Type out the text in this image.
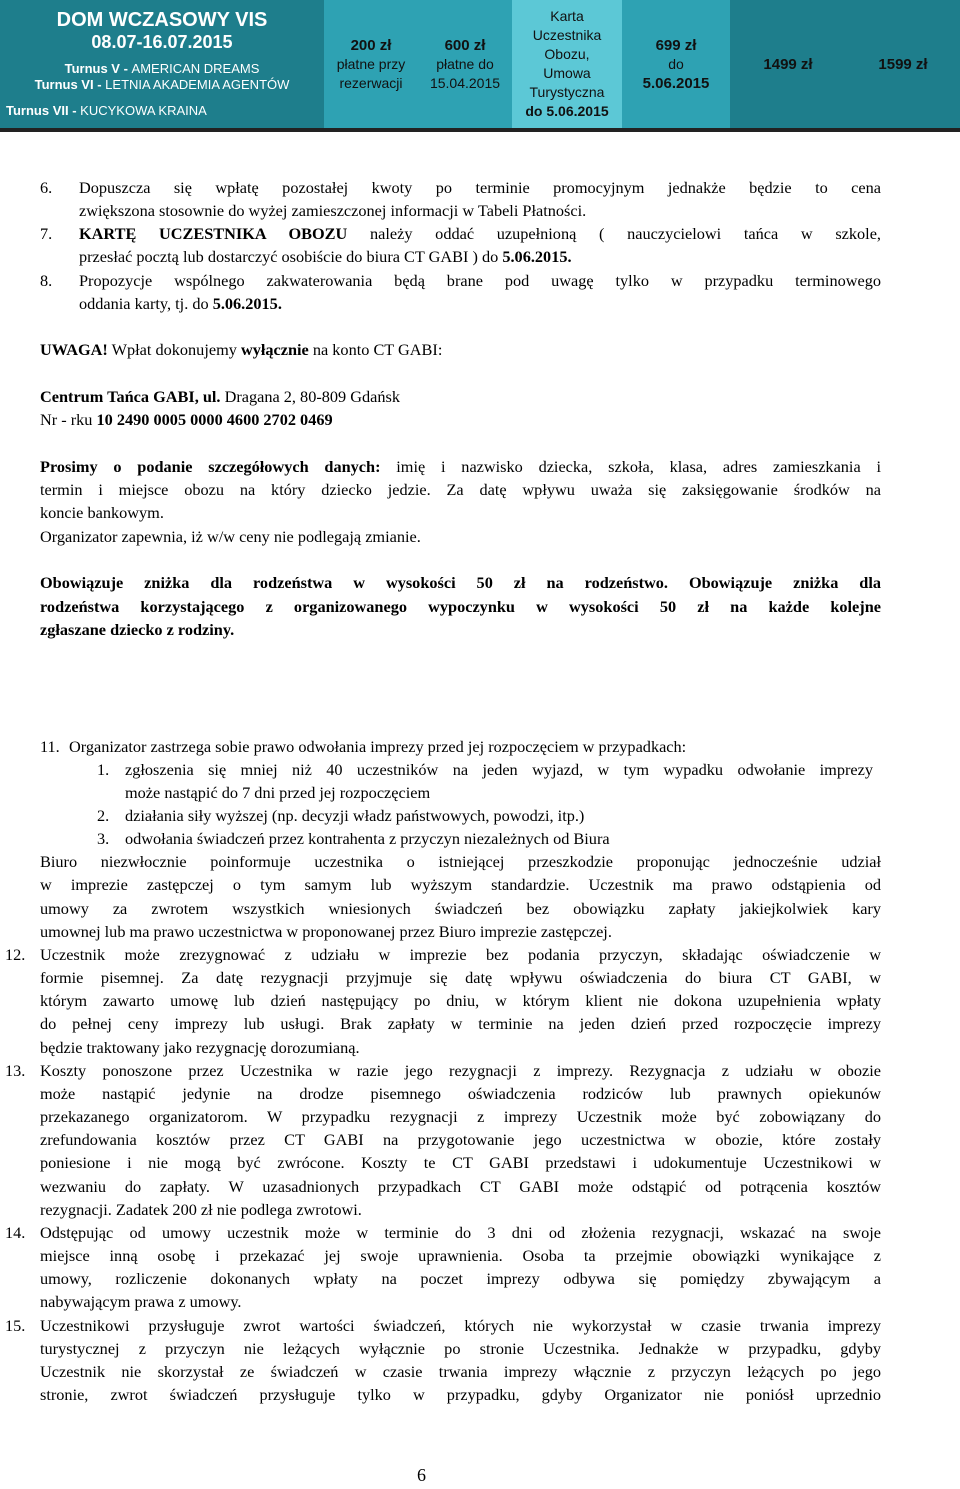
DOM WCZASOWY VIS
08.07-16.07.2015
Turnus V - AMERICAN DREAMS
Turnus VI - LETNIA AKADEMIA AGENTÓW
Turnus VII - KUCYKOWA KRAINA
200 zł
płatne przy
rezerwacji
600 zł
płatne do
15.04.2015
Karta
Uczestnika
Obozu,
Umowa
Turystyczna
do 5.06.2015
699 zł
do
5.06.2015
1499 zł	1599 zł
6. Dopuszcza się wpłatę pozostałej kwoty po terminie promocyjnym jednakże będzie to cena
zwiększona stosownie do wyżej zamieszczonej informacji w Tabeli Płatności.
7. KARTĘ UCZESTNIKA OBOZU należy oddać uzupełnioną ( nauczycielowi tańca w szkole,
przesłać pocztą lub dostarczyć osobiście do biura CT GABI ) do 5.06.2015.
8. Propozycje wspólnego zakwaterowania będą brane pod uwagę tylko w przypadku terminowego
oddania karty, tj. do 5.06.2015.
UWAGA! Wpłat dokonujemy wyłącznie na konto CT GABI:
Centrum Tańca GABI, ul. Dragana 2, 80-809 Gdańsk
Nr - rku 10 2490 0005 0000 4600 2702 0469
Prosimy o podanie szczegółowych danych: imię i nazwisko dziecka, szkoła, klasa, adres zamieszkania i
termin i miejsce obozu na który dziecko jedzie. Za datę wpływu uważa się zaksięgowanie środków na
koncie bankowym.
Organizator zapewnia, iż w/w ceny nie podlegają zmianie.
Obowiązuje zniżka dla rodzeństwa w wysokości 50 zł na rodzeństwo. Obowiązuje zniżka dla
rodzeństwa korzystającego z organizowanego wypoczynku w wysokości 50 zł na każde kolejne
zgłaszane dziecko z rodziny.
11. Organizator zastrzega sobie prawo odwołania imprezy przed jej rozpoczęciem w przypadkach:
1. zgłoszenia się mniej niż 40 uczestników na jeden wyjazd, w tym wypadku odwołanie imprezy
może nastąpić do 7 dni przed jej rozpoczęciem
2. działania siły wyższej (np. decyzji władz państwowych, powodzi, itp.)
3. odwołania świadczeń przez kontrahenta z przyczyn niezależnych od Biura
Biuro niezwłocznie poinformuje uczestnika o istniejącej przeszkodzie proponując jednocześnie udział
w imprezie zastępczej o tym samym lub wyższym standardzie. Uczestnik ma prawo odstąpienia od
umowy za zwrotem wszystkich wniesionych świadczeń bez obowiązku zapłaty jakiejkolwiek kary
umownej lub ma prawo uczestnictwa w proponowanej przez Biuro imprezie zastępczej.
12. Uczestnik może zrezygnować z udziału w imprezie bez podania przyczyn, składając oświadczenie w
formie pisemnej. Za datę rezygnacji przyjmuje się datę wpływu oświadczenia do biura CT GABI, w
którym zawarto umowę lub dzień następujący po dniu, w którym klient nie dokona uzupełnienia wpłaty
do pełnej ceny imprezy lub usługi. Brak zapłaty w terminie na jeden dzień przed rozpoczęcie imprezy
będzie traktowany jako rezygnację dorozumianą.
13. Koszty ponoszone przez Uczestnika w razie jego rezygnacji z imprezy. Rezygnacja z udziału w obozie
może nastąpić jedynie na drodze pisemnego oświadczenia rodziców lub prawnych opiekunów
przekazanego organizatorom. W przypadku rezygnacji z imprezy Uczestnik może być zobowiązany do
zrefundowania kosztów przez CT GABI na przygotowanie jego uczestnictwa w obozie, które zostały
poniesione i nie mogą być zwrócone. Koszty te CT GABI przedstawi i udokumentuje Uczestnikowi w
wezwaniu do zapłaty. W uzasadnionych przypadkach CT GABI może odstąpić od potrącenia kosztów
rezygnacji. Zadatek 200 zł nie podlega zwrotowi.
14. Odstępując od umowy uczestnik może w terminie do 3 dni od złożenia rezygnacji, wskazać na swoje
miejsce inną osobę i przekazać jej swoje uprawnienia. Osoba ta przejmie obowiązki wynikające z
umowy, rozliczenie dokonanych wpłaty na poczet imprezy odbywa się pomiędzy zbywającym a
nabywającym prawa z umowy.
15. Uczestnikowi przysługuje zwrot wartości świadczeń, których nie wykorzystał w czasie trwania imprezy
turystycznej z przyczyn nie leżących wyłącznie po stronie Uczestnika. Jednakże w przypadku, gdyby
Uczestnik nie skorzystał ze świadczeń w czasie trwania imprezy włącznie z przyczyn leżących po jego
stronie, zwrot świadczeń przysługuje tylko w przypadku, gdyby Organizator nie poniósł uprzednio
6
